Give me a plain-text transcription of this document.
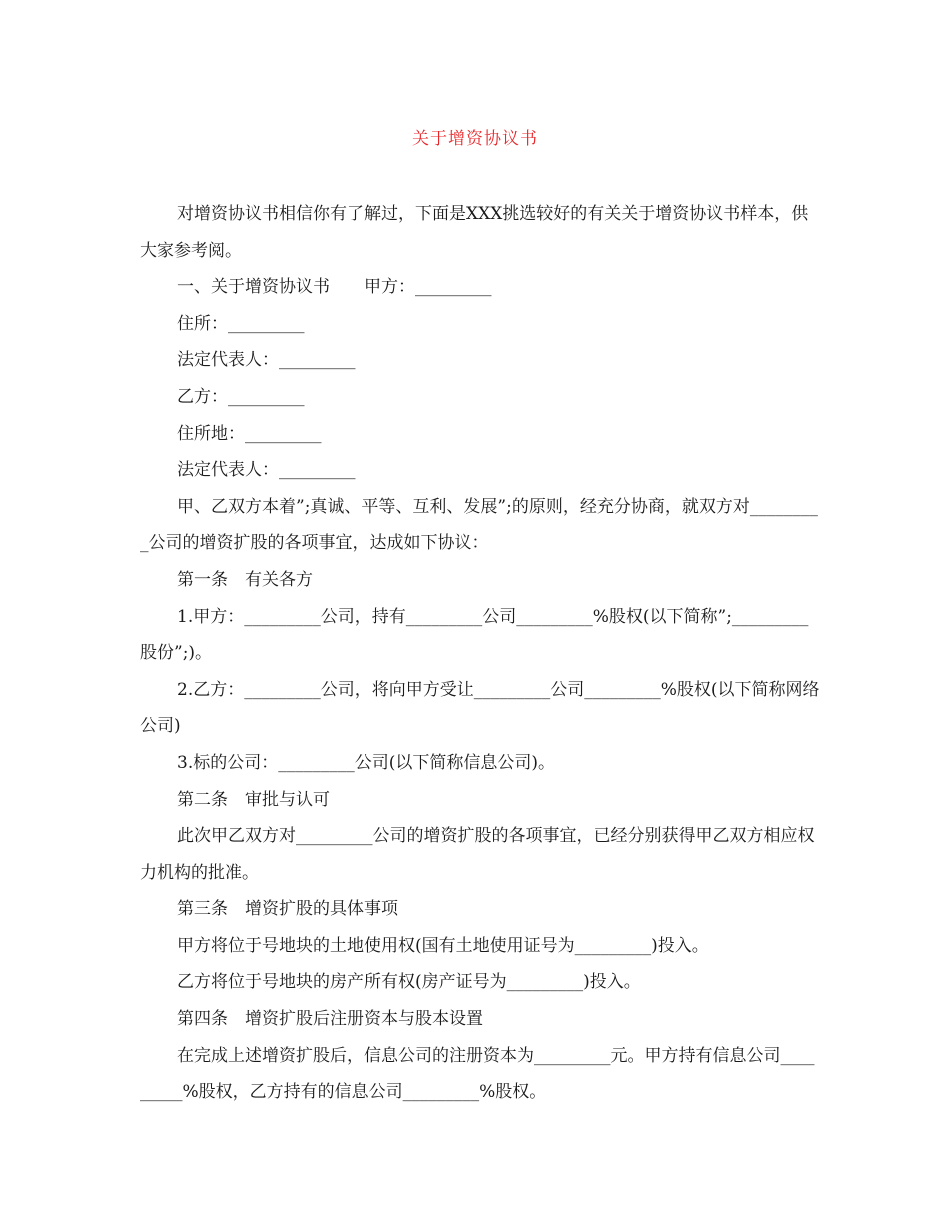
关于增资协议书

对增资协议书相信你有了解过，下面是XXX挑选较好的有关关于增资协议书样本，供大家参考阅。

一、关于增资协议书　　甲方：_________

住所：_________

法定代表人：_________

乙方：_________

住所地：_________

法定代表人：_________

甲、乙双方本着”;真诚、平等、互利、发展”;的原则，经充分协商，就双方对_________公司的增资扩股的各项事宜，达成如下协议：

第一条　有关各方

1.甲方：_________公司，持有_________公司_________%股权(以下简称”;_________股份”;)。

2.乙方：_________公司，将向甲方受让_________公司_________%股权(以下简称网络公司)

3.标的公司：_________公司(以下简称信息公司)。

第二条　审批与认可

此次甲乙双方对_________公司的增资扩股的各项事宜，已经分别获得甲乙双方相应权力机构的批准。

第三条　增资扩股的具体事项

甲方将位于号地块的土地使用权(国有土地使用证号为_________)投入。

乙方将位于号地块的房产所有权(房产证号为_________)投入。

第四条　增资扩股后注册资本与股本设置

在完成上述增资扩股后，信息公司的注册资本为_________元。甲方持有信息公司_________%股权，乙方持有的信息公司_________%股权。
